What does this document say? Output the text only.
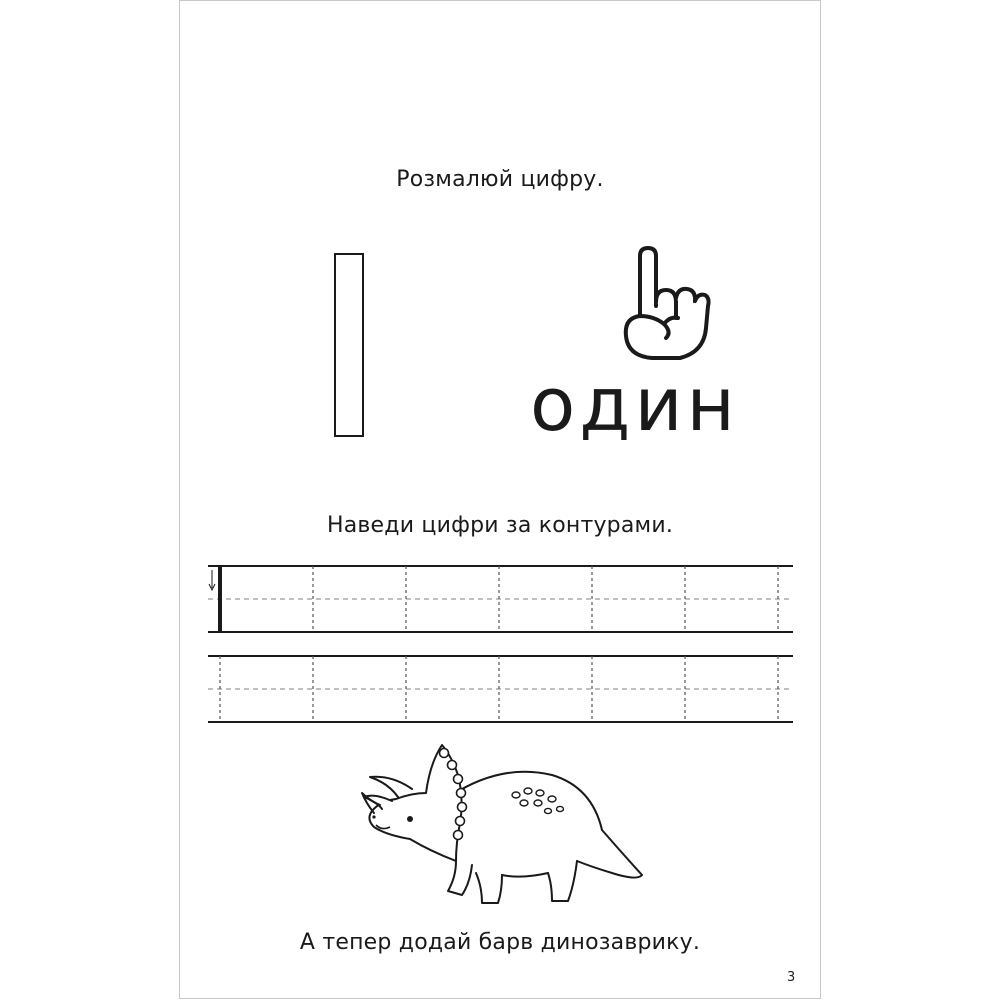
Розмалюй цифру.
один
Наведи цифри за контурами.
А тепер додай барв динозаврику.
3
